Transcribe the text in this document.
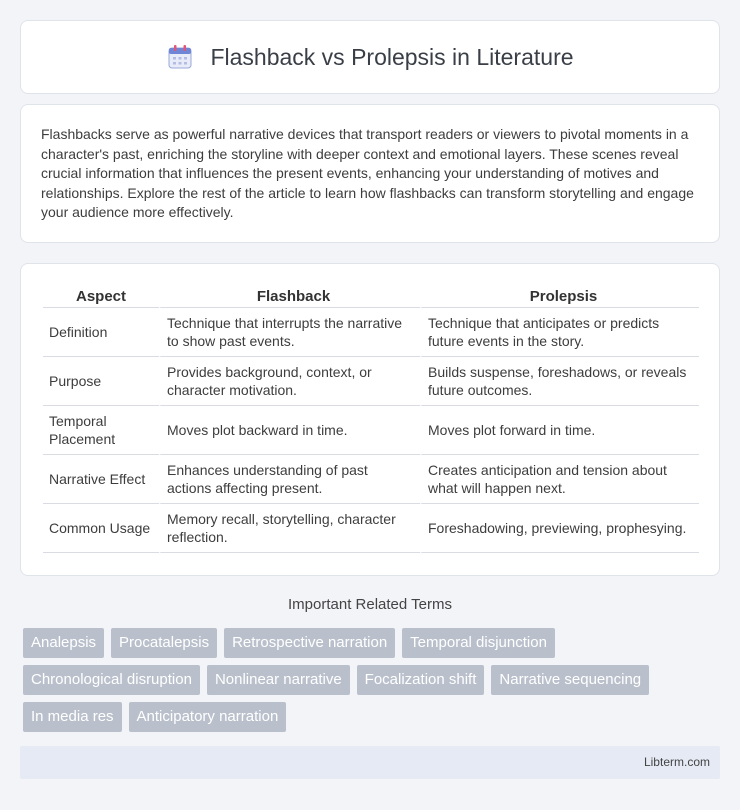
Flashback vs Prolepsis in Literature

Flashbacks serve as powerful narrative devices that transport readers or viewers to pivotal moments in a character's past, enriching the storyline with deeper context and emotional layers. These scenes reveal crucial information that influences the present events, enhancing your understanding of motives and relationships. Explore the rest of the article to learn how flashbacks can transform storytelling and engage your audience more effectively.

Aspect	Flashback	Prolepsis
Definition	Technique that interrupts the narrative to show past events.	Technique that anticipates or predicts future events in the story.
Purpose	Provides background, context, or character motivation.	Builds suspense, foreshadows, or reveals future outcomes.
Temporal Placement	Moves plot backward in time.	Moves plot forward in time.
Narrative Effect	Enhances understanding of past actions affecting present.	Creates anticipation and tension about what will happen next.
Common Usage	Memory recall, storytelling, character reflection.	Foreshadowing, previewing, prophesying.
Important Related Terms
Analepsis	Procatalepsis	Retrospective narration	Temporal disjunction
Chronological disruption	Nonlinear narrative	Focalization shift	Narrative sequencing
In media res	Anticipatory narration
Libterm.com
